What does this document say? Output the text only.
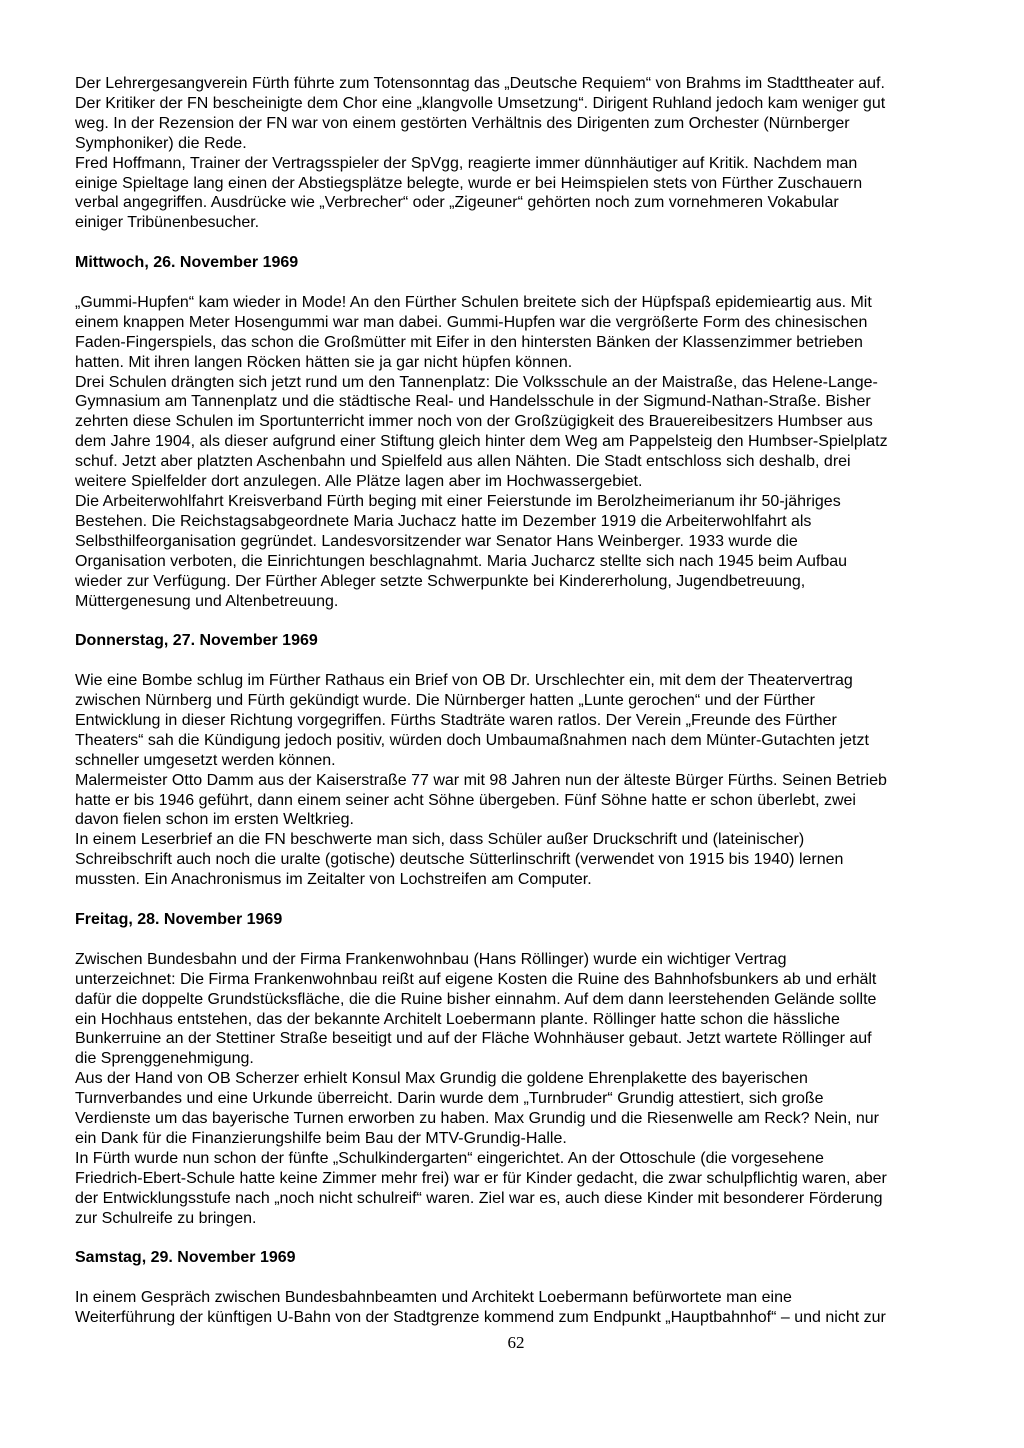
Der Lehrergesangverein Fürth führte zum Totensonntag das „Deutsche Requiem“ von Brahms im Stadttheater auf.
Der Kritiker der FN bescheinigte dem Chor eine „klangvolle Umsetzung“. Dirigent Ruhland jedoch kam weniger gut
weg. In der Rezension der FN war von einem gestörten Verhältnis des Dirigenten zum Orchester (Nürnberger
Symphoniker) die Rede.

Fred Hoffmann, Trainer der Vertragsspieler der SpVgg, reagierte immer dünnhäutiger auf Kritik. Nachdem man
einige Spieltage lang einen der Abstiegsplätze belegte, wurde er bei Heimspielen stets von Fürther Zuschauern
verbal angegriffen. Ausdrücke wie „Verbrecher“ oder „Zigeuner“ gehörten noch zum vornehmeren Vokabular
einiger Tribünenbesucher.

Mittwoch, 26. November 1969

„Gummi-Hupfen“ kam wieder in Mode! An den Fürther Schulen breitete sich der Hüpfspaß epidemieartig aus. Mit
einem knappen Meter Hosengummi war man dabei. Gummi-Hupfen war die vergrößerte Form des chinesischen
Faden-Fingerspiels, das schon die Großmütter mit Eifer in den hintersten Bänken der Klassenzimmer betrieben
hatten. Mit ihren langen Röcken hätten sie ja gar nicht hüpfen können.

Drei Schulen drängten sich jetzt rund um den Tannenplatz: Die Volksschule an der Maistraße, das Helene-Lange-
Gymnasium am Tannenplatz und die städtische Real- und Handelsschule in der Sigmund-Nathan-Straße. Bisher
zehrten diese Schulen im Sportunterricht immer noch von der Großzügigkeit des Brauereibesitzers Humbser aus
dem Jahre 1904, als dieser aufgrund einer Stiftung gleich hinter dem Weg am Pappelsteig den Humbser-Spielplatz
schuf. Jetzt aber platzten Aschenbahn und Spielfeld aus allen Nähten. Die Stadt entschloss sich deshalb, drei
weitere Spielfelder dort anzulegen. Alle Plätze lagen aber im Hochwassergebiet.

Die Arbeiterwohlfahrt Kreisverband Fürth beging mit einer Feierstunde im Berolzheimerianum ihr 50-jähriges
Bestehen. Die Reichstagsabgeordnete Maria Juchacz hatte im Dezember 1919 die Arbeiterwohlfahrt als
Selbsthilfeorganisation gegründet. Landesvorsitzender war Senator Hans Weinberger. 1933 wurde die
Organisation verboten, die Einrichtungen beschlagnahmt. Maria Jucharcz stellte sich nach 1945 beim Aufbau
wieder zur Verfügung. Der Fürther Ableger setzte Schwerpunkte bei Kindererholung, Jugendbetreuung,
Müttergenesung und Altenbetreuung.

Donnerstag, 27. November 1969

Wie eine Bombe schlug im Fürther Rathaus ein Brief von OB Dr. Urschlechter ein, mit dem der Theatervertrag
zwischen Nürnberg und Fürth gekündigt wurde. Die Nürnberger hatten „Lunte gerochen“ und der Fürther
Entwicklung in dieser Richtung vorgegriffen. Fürths Stadträte waren ratlos. Der Verein „Freunde des Fürther
Theaters“ sah die Kündigung jedoch positiv, würden doch Umbaumaßnahmen nach dem Münter-Gutachten jetzt
schneller umgesetzt werden können.

Malermeister Otto Damm aus der Kaiserstraße 77 war mit 98 Jahren nun der älteste Bürger Fürths. Seinen Betrieb
hatte er bis 1946 geführt, dann einem seiner acht Söhne übergeben. Fünf Söhne hatte er schon überlebt, zwei
davon fielen schon im ersten Weltkrieg.

In einem Leserbrief an die FN beschwerte man sich, dass Schüler außer Druckschrift und (lateinischer)
Schreibschrift auch noch die uralte (gotische) deutsche Sütterlinschrift (verwendet von 1915 bis 1940) lernen
mussten. Ein Anachronismus im Zeitalter von Lochstreifen am Computer.

Freitag, 28. November 1969

Zwischen Bundesbahn und der Firma Frankenwohnbau (Hans Röllinger) wurde ein wichtiger Vertrag
unterzeichnet: Die Firma Frankenwohnbau reißt auf eigene Kosten die Ruine des Bahnhofsbunkers ab und erhält
dafür die doppelte Grundstücksfläche, die die Ruine bisher einnahm. Auf dem dann leerstehenden Gelände sollte
ein Hochhaus entstehen, das der bekannte Architelt Loebermann plante. Röllinger hatte schon die hässliche
Bunkerruine an der Stettiner Straße beseitigt und auf der Fläche Wohnhäuser gebaut. Jetzt wartete Röllinger auf
die Sprenggenehmigung.

Aus der Hand von OB Scherzer erhielt Konsul Max Grundig die goldene Ehrenplakette des bayerischen
Turnverbandes und eine Urkunde überreicht. Darin wurde dem „Turnbruder“ Grundig attestiert, sich große
Verdienste um das bayerische Turnen erworben zu haben. Max Grundig und die Riesenwelle am Reck? Nein, nur
ein Dank für die Finanzierungshilfe beim Bau der MTV-Grundig-Halle.

In Fürth wurde nun schon der fünfte „Schulkindergarten“ eingerichtet. An der Ottoschule (die vorgesehene
Friedrich-Ebert-Schule hatte keine Zimmer mehr frei) war er für Kinder gedacht, die zwar schulpflichtig waren, aber
der Entwicklungsstufe nach „noch nicht schulreif“ waren. Ziel war es, auch diese Kinder mit besonderer Förderung
zur Schulreife zu bringen.

Samstag, 29. November 1969

In einem Gespräch zwischen Bundesbahnbeamten und Architekt Loebermann befürwortete man eine
Weiterführung der künftigen U-Bahn von der Stadtgrenze kommend zum Endpunkt „Hauptbahnhof“ – und nicht zur

62
